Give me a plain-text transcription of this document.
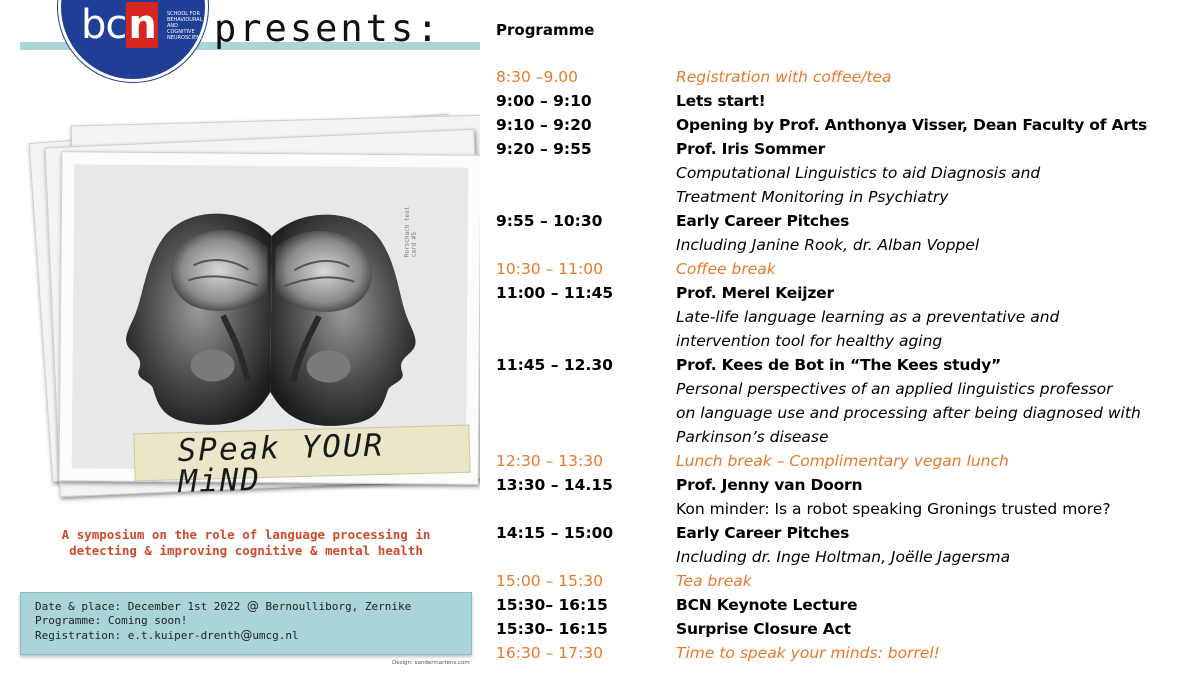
bcn	SCHOOL FOR BEHAVIOURAL AND COGNITIVE NEUROSCIENCES presents:
Rorschach test card #5
SPeak YOUR MiND
A symposium on the role of language processing in
detecting & improving cognitive & mental health
Date & place: December 1st 2022 @ Bernoulliborg, Zernike
Programme: Coming soon!
Registration: e.t.kuiper-drenth@umcg.nl
Design: sandermartens.com
Programme
8:30 –9.00	Registration with coffee/tea
9:00 – 9:10	Lets start!
9:10 – 9:20	Opening by Prof. Anthonya Visser, Dean Faculty of Arts
9:20 – 9:55	Prof. Iris Sommer
Computational Linguistics to aid Diagnosis and
Treatment Monitoring in Psychiatry
9:55 – 10:30	Early Career Pitches
Including Janine Rook, dr. Alban Voppel
10:30 – 11:00	Coffee break
11:00 – 11:45	Prof. Merel Keijzer
Late-life language learning as a preventative and
intervention tool for healthy aging
11:45 – 12.30	Prof. Kees de Bot in “The Kees study”
Personal perspectives of an applied linguistics professor
on language use and processing after being diagnosed with
Parkinson’s disease
12:30 – 13:30	Lunch break – Complimentary vegan lunch
13:30 – 14.15	Prof. Jenny van Doorn
Kon minder: Is a robot speaking Gronings trusted more?
14:15 – 15:00	Early Career Pitches
Including dr. Inge Holtman, Joëlle Jagersma
15:00 – 15:30	Tea break
15:30– 16:15	BCN Keynote Lecture
15:30– 16:15	Surprise Closure Act
16:30 – 17:30	Time to speak your minds: borrel!
